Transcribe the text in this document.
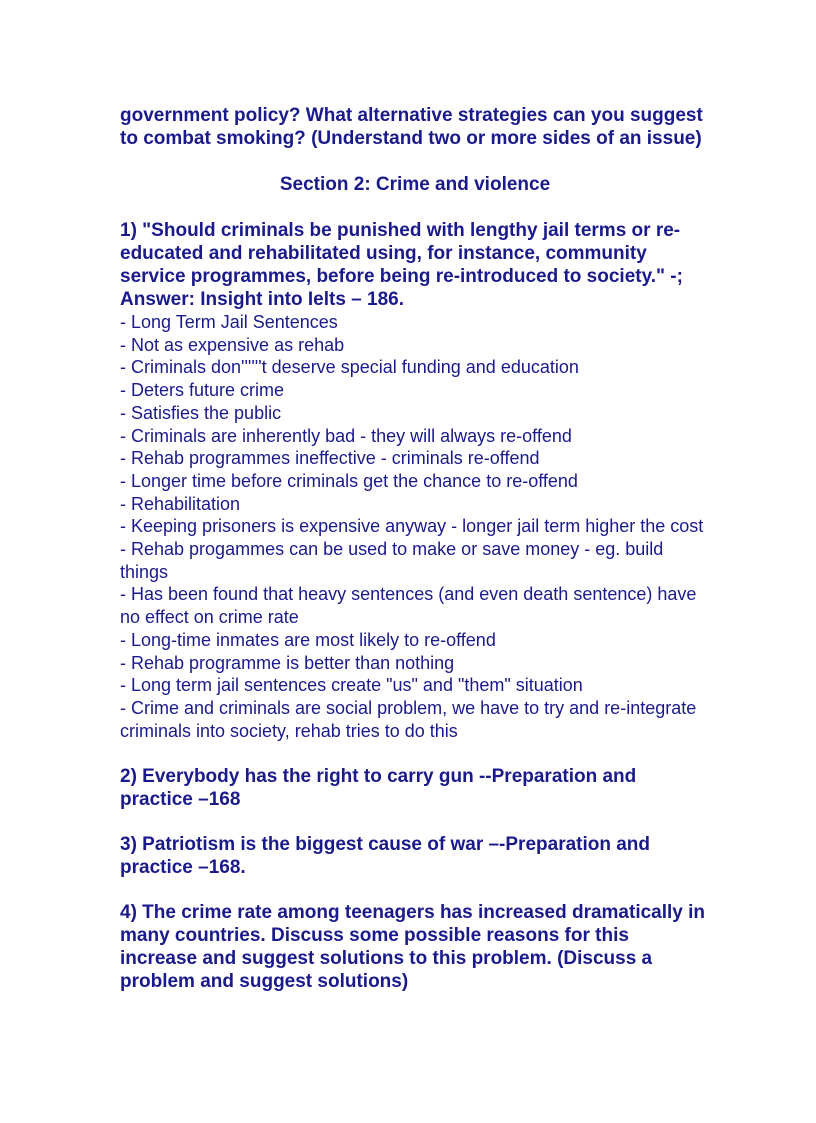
government policy? What alternative strategies can you suggest to combat smoking? (Understand two or more sides of an issue)

Section 2: Crime and violence

1) "Should criminals be punished with lengthy jail terms or re-educated and rehabilitated using, for instance, community service programmes, before being re-introduced to society." -;

Answer: Insight into Ielts – 186.

- Long Term Jail Sentences

- Not as expensive as rehab

- Criminals don''''''t deserve special funding and education

- Deters future crime

- Satisfies the public

- Criminals are inherently bad - they will always re-offend

- Rehab programmes ineffective - criminals re-offend

- Longer time before criminals get the chance to re-offend

- Rehabilitation

- Keeping prisoners is expensive anyway - longer jail term higher the cost

- Rehab progammes can be used to make or save money - eg. build things

- Has been found that heavy sentences (and even death sentence) have no effect on crime rate

- Long-time inmates are most likely to re-offend

- Rehab programme is better than nothing

- Long term jail sentences create "us" and "them" situation

- Crime and criminals are social problem, we have to try and re-integrate criminals into society, rehab tries to do this

2) Everybody has the right to carry gun --Preparation and practice –168

3) Patriotism is the biggest cause of war –-Preparation and practice –168.

4) The crime rate among teenagers has increased dramatically in many countries. Discuss some possible reasons for this increase and suggest solutions to this problem. (Discuss a problem and suggest solutions)
